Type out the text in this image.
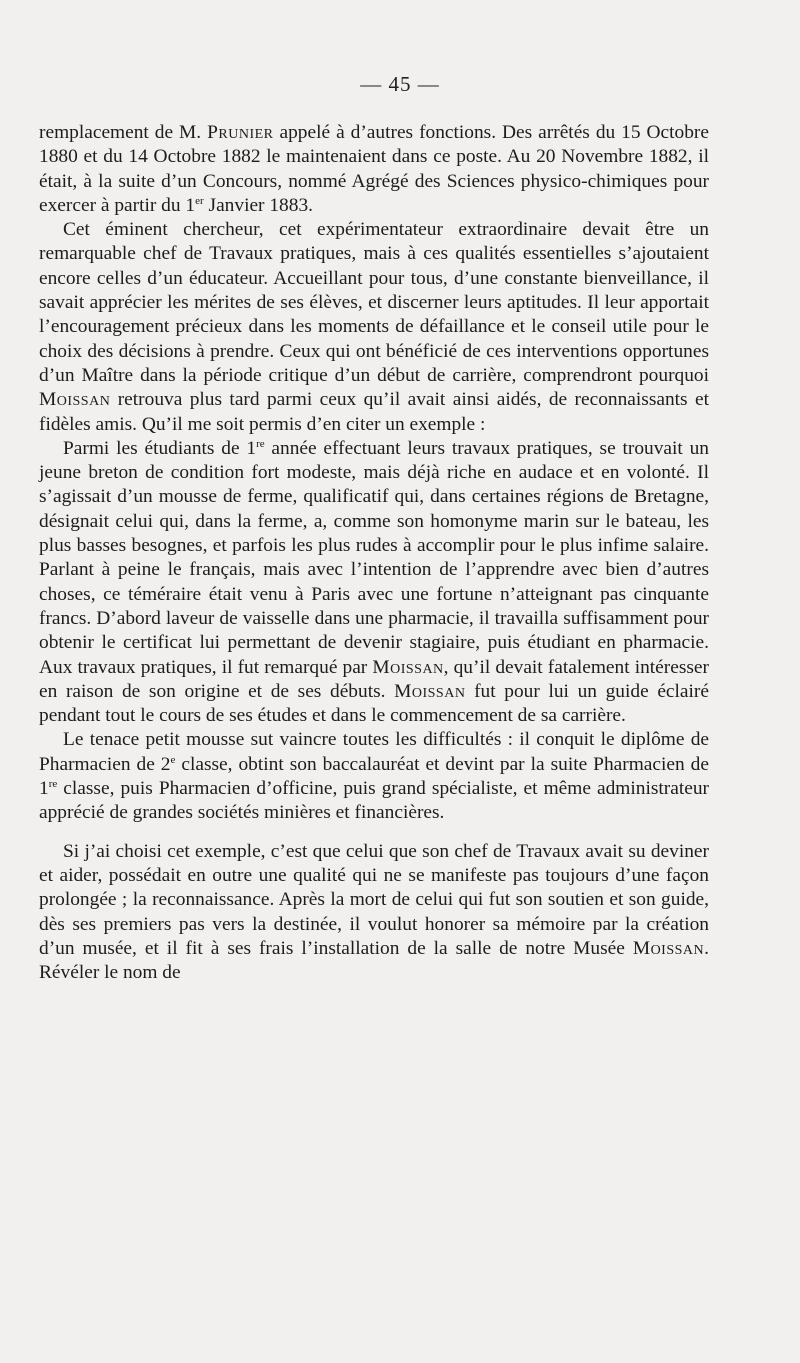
— 45 —

remplacement de M. Prunier appelé à d’autres fonctions. Des arrêtés du 15 Octobre 1880 et du 14 Octobre 1882 le maintenaient dans ce poste. Au 20 Novembre 1882, il était, à la suite d’un Concours, nommé Agrégé des Sciences physico-chimiques pour exercer à partir du 1er Janvier 1883.

Cet éminent chercheur, cet expérimentateur extraordinaire devait être un remarquable chef de Travaux pratiques, mais à ces qualités essentielles s’ajoutaient encore celles d’un éducateur. Accueillant pour tous, d’une constante bienveillance, il savait apprécier les mérites de ses élèves, et discerner leurs aptitudes. Il leur apportait l’encouragement précieux dans les moments de défaillance et le conseil utile pour le choix des décisions à prendre. Ceux qui ont bénéficié de ces interventions opportunes d’un Maître dans la période critique d’un début de carrière, comprendront pourquoi Moissan retrouva plus tard parmi ceux qu’il avait ainsi aidés, de reconnaissants et fidèles amis. Qu’il me soit permis d’en citer un exemple :

Parmi les étudiants de 1re année effectuant leurs travaux pratiques, se trouvait un jeune breton de condition fort modeste, mais déjà riche en audace et en volonté. Il s’agissait d’un mousse de ferme, qualificatif qui, dans certaines régions de Bretagne, désignait celui qui, dans la ferme, a, comme son homonyme marin sur le bateau, les plus basses besognes, et parfois les plus rudes à accomplir pour le plus infime salaire. Parlant à peine le français, mais avec l’intention de l’apprendre avec bien d’autres choses, ce téméraire était venu à Paris avec une fortune n’atteignant pas cinquante francs. D’abord laveur de vaisselle dans une pharmacie, il travailla suffisamment pour obtenir le certificat lui permettant de devenir stagiaire, puis étudiant en pharmacie. Aux travaux pratiques, il fut remarqué par Moissan, qu’il devait fatalement intéresser en raison de son origine et de ses débuts. Moissan fut pour lui un guide éclairé pendant tout le cours de ses études et dans le commencement de sa carrière.

Le tenace petit mousse sut vaincre toutes les difficultés : il conquit le diplôme de Pharmacien de 2e classe, obtint son baccalauréat et devint par la suite Pharmacien de 1re classe, puis Pharmacien d’officine, puis grand spécialiste, et même administrateur apprécié de grandes sociétés minières et financières.

Si j’ai choisi cet exemple, c’est que celui que son chef de Travaux avait su deviner et aider, possédait en outre une qualité qui ne se manifeste pas toujours d’une façon prolongée ; la reconnaissance. Après la mort de celui qui fut son soutien et son guide, dès ses premiers pas vers la destinée, il voulut honorer sa mémoire par la création d’un musée, et il fit à ses frais l’installation de la salle de notre Musée Moissan. Révéler le nom de
